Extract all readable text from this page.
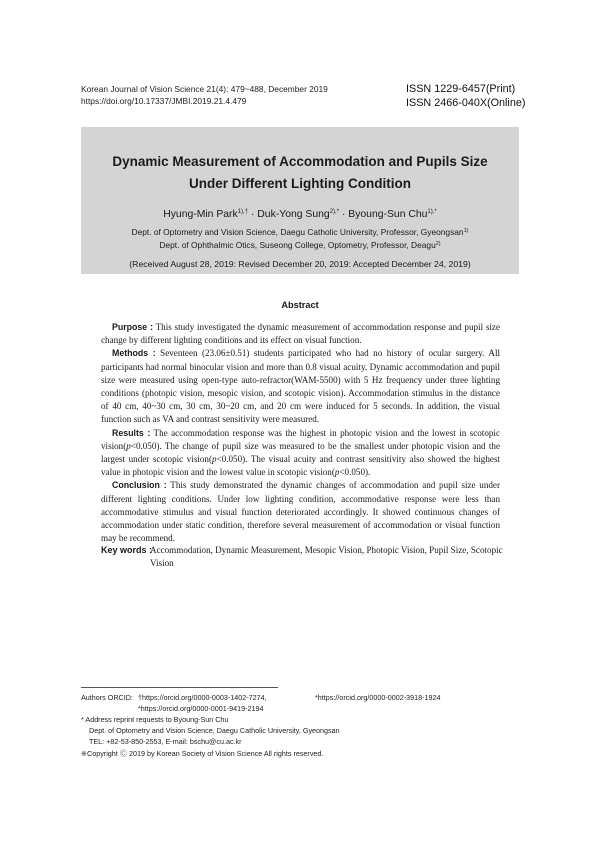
Korean Journal of Vision Science 21(4): 479~488, December 2019
https://doi.org/10.17337/JMBI.2019.21.4.479
ISSN 1229-6457(Print)
ISSN 2466-040X(Online)
Dynamic Measurement of Accommodation and Pupils Size
Under Different Lighting Condition
Hyung-Min Park$^{1),\dagger}$ · Duk-Yong Sung$^{2),*}$ · Byoung-Sun Chu$^{1),*}$
Dept. of Optometry and Vision Science, Daegu Catholic University, Professor, Gyeongsan$^{1)}$
Dept. of Ophthalmic Otics, Suseong College, Optometry, Professor, Deagu$^{2)}$
(Received August 28, 2019: Revised December 20, 2019: Accepted December 24, 2019)
Abstract

Purpose : This study investigated the dynamic measurement of accommodation response and pupil size change by different lighting conditions and its effect on visual function.

Methods : Seventeen (23.06±0.51) students participated who had no history of ocular surgery. All participants had normal binocular vision and more than 0.8 visual acuity. Dynamic accommodation and pupil size were measured using open-type auto-refractor(WAM-5500) with 5 Hz frequency under three lighting conditions (photopic vision, mesopic vision, and scotopic vision). Accommodation stimulus in the distance of 40 cm, 40~30 cm, 30 cm, 30~20 cm, and 20 cm were induced for 5 seconds. In addition, the visual function such as VA and contrast sensitivity were measured.

Results : The accommodation response was the highest in photopic vision and the lowest in scotopic vision(p<0.050). The change of pupil size was measured to be the smallest under photopic vision and the largest under scotopic vision(p<0.050). The visual acuity and contrast sensitivity also showed the highest value in photopic vision and the lowest value in scotopic vision(p<0.050).

Conclusion : This study demonstrated the dynamic changes of accommodation and pupil size under different lighting conditions. Under low lighting condition, accommodative response were less than accommodative stimulus and visual function deteriorated accordingly. It showed continuous changes of accommodation under static condition, therefore several measurement of accommodation or visual function may be recommend.

Key words :
Accommodation, Dynamic Measurement, Mesopic Vision, Photopic Vision, Pupil Size, Scotopic Vision
Authors ORCID: †https://orcid.org/0000-0003-1402-7274,	*https://orcid.org/0000-0002-3918-1924
*https://orcid.org/0000-0001-9419-2194
* Address reprint requests to Byoung-Sun Chu
Dept. of Optometry and Vision Science, Daegu Catholic University, Gyeongsan
TEL: +82-53-850-2553, E-mail: bschu@cu.ac.kr
※Copyright Ⓒ 2019 by Korean Society of Vision Science All rights reserved.
